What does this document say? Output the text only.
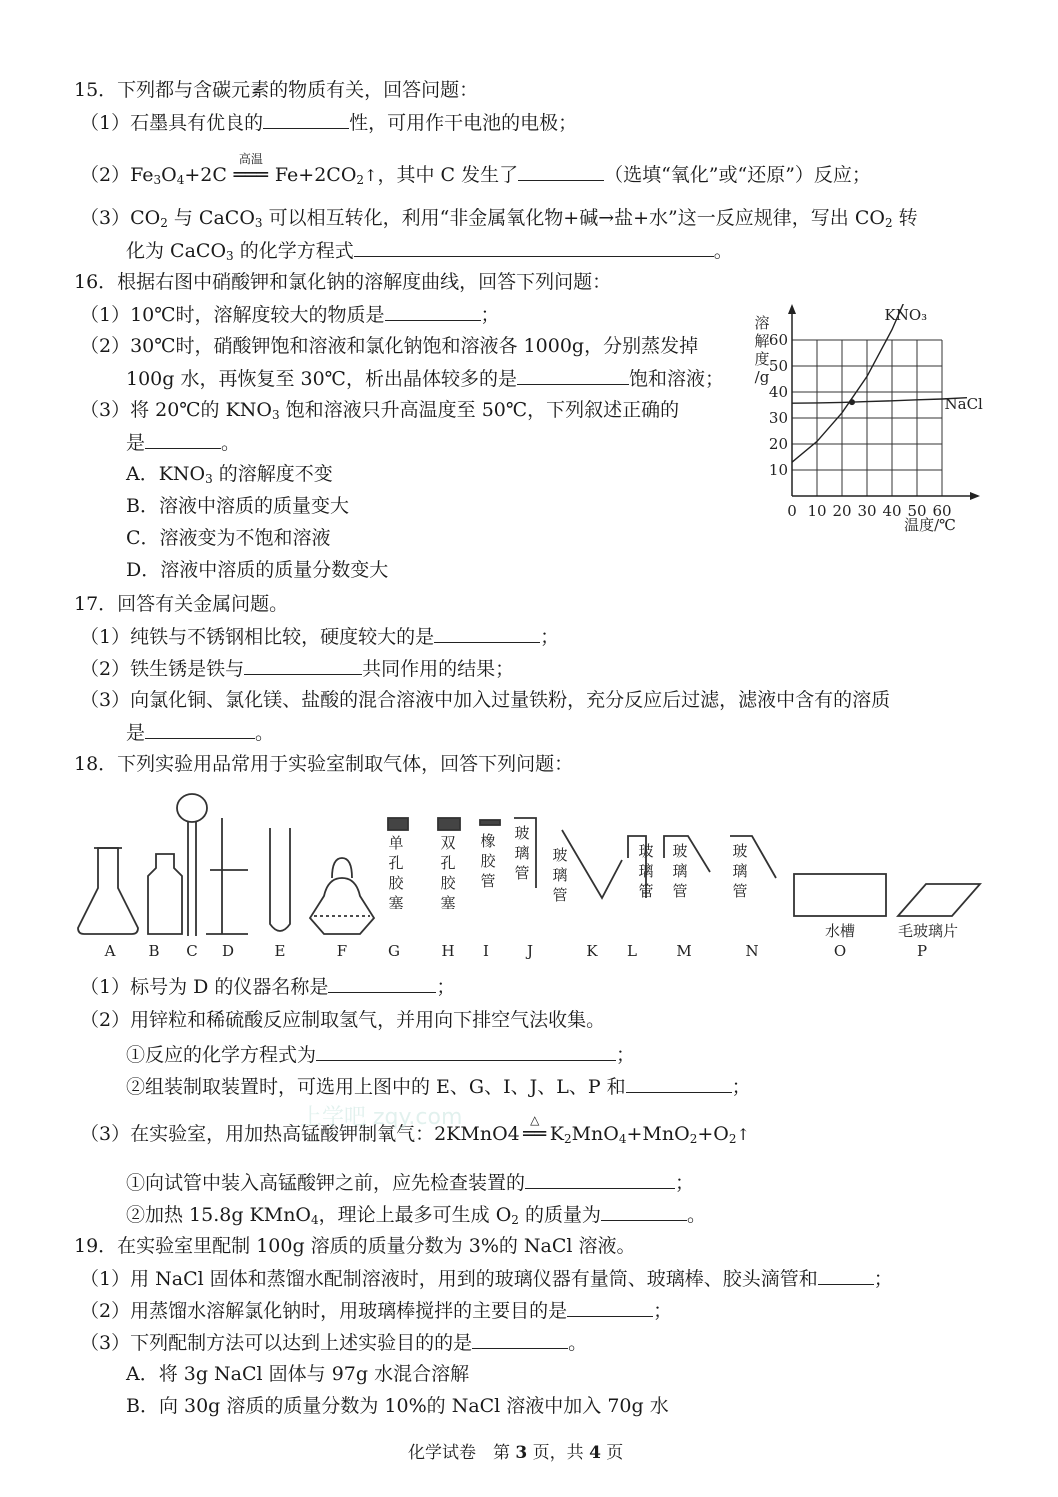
15．下列都与含碳元素的物质有关，回答问题：
（1）石墨具有优良的	性，可用作干电池的电极；
$(2)Fe_3O_4+2C$
高温
═══ $Fe+2CO_2↑$，其中 C 发生了	（选填“氧化”或“还原”）反应；
$(3)CO_2$ 与 CaCO$_3$ 可以相互转化，利用“非金属氧化物+碱→盐+水”这一反应规律，写出 $CO_2$ 转
化为 CaCO$_3$ 的化学方程式	。
16．根据右图中硝酸钾和氯化钠的溶解度曲线，回答下列问题：
（1）10℃时，溶解度较大的物质是	；
（2）30℃时，硝酸钾饱和溶液和氯化钠饱和溶液各 1000g，分别蒸发掉
100g 水，再恢复至 30℃，析出晶体较多的是	饱和溶液；
（3）将 20℃的 $KNO_3$ 饱和溶液只升高温度至 50℃，下列叙述正确的
是	。
A．$KNO_3$ 的溶解度不变
B．溶液中溶质的质量变大
C．溶液变为不饱和溶液
D．溶液中溶质的质量分数变大
0 10 20 30 40 50 60
10
20
30
40
50
60
溶
解
度
/g
温度/℃
KNO₃
NaCl
17．回答有关金属问题。
（1）纯铁与不锈钢相比较，硬度较大的是	；
（2）铁生锈是铁与	共同作用的结果；
（3）向氯化铜、氯化镁、盐酸的混合溶液中加入过量铁粉，充分反应后过滤，滤液中含有的溶质
是	。
18．下列实验用品常用于实验室制取气体，回答下列问题：
A B C D	E	F	G	H I	J	K L	M	N	O	P
单
孔
胶
塞
双
孔
胶
塞
橡
胶
管
玻
璃
管
玻
璃
管
玻
璃
管
玻
璃
管
玻
璃
管
水槽	毛玻璃片
（1）标号为 D 的仪器名称是	；
（2）用锌粒和稀硫酸反应制取氢气，并用向下排空气法收集。
①反应的化学方程式为	；
②组装制取装置时，可选用上图中的 E、G、I、J、L、P 和	；
（3）在实验室，用加热高锰酸钾制氧气：2KMnO4
△
══ $K_2MnO_4+MnO_2+O_2↑$
①向试管中装入高锰酸钾之前，应先检查装置的	；
②加热 15.8g KMnO$_4$，理论上最多可生成 $O_2$ 的质量为	。
19．在实验室里配制 100g 溶质的质量分数为 3%的 NaCl 溶液。
（1）用 NaCl 固体和蒸馏水配制溶液时，用到的玻璃仪器有量筒、玻璃棒、胶头滴管和	；
（2）用蒸馏水溶解氯化钠时，用玻璃棒搅拌的主要目的是	；
（3）下列配制方法可以达到上述实验目的的是	。
A．将 3g NaCl 固体与 97g 水混合溶解
B．向 30g 溶质的质量分数为 10%的 NaCl 溶液中加入 70g 水
化学试卷　第 3 页，共 4 页
上学吧 zqy.com
